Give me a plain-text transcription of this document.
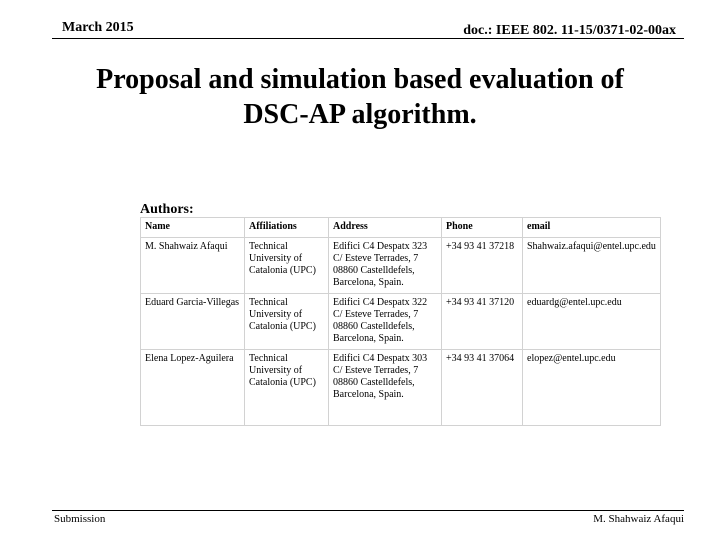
March 2015	doc.: IEEE 802. 11-15/0371-02-00ax
Proposal and simulation based evaluation of
DSC-AP algorithm.
Authors:
Name	Affiliations	Address	Phone	email
M. Shahwaiz Afaqui	Technical University of Catalonia (UPC)	Edifici C4 Despatx 323 C/ Esteve Terrades, 7 08860 Castelldefels, Barcelona, Spain.	+34 93 41 37218	Shahwaiz.afaqui@entel.upc.edu
Eduard Garcia-Villegas	Technical University of Catalonia (UPC)	Edifici C4 Despatx 322 C/ Esteve Terrades, 7 08860 Castelldefels, Barcelona, Spain.	+34 93 41 37120	eduardg@entel.upc.edu
Elena Lopez-Aguilera	Technical University of Catalonia (UPC)	Edifici C4 Despatx 303 C/ Esteve Terrades, 7 08860 Castelldefels, Barcelona, Spain.	+34 93 41 37064	elopez@entel.upc.edu
Submission	M. Shahwaiz Afaqui
